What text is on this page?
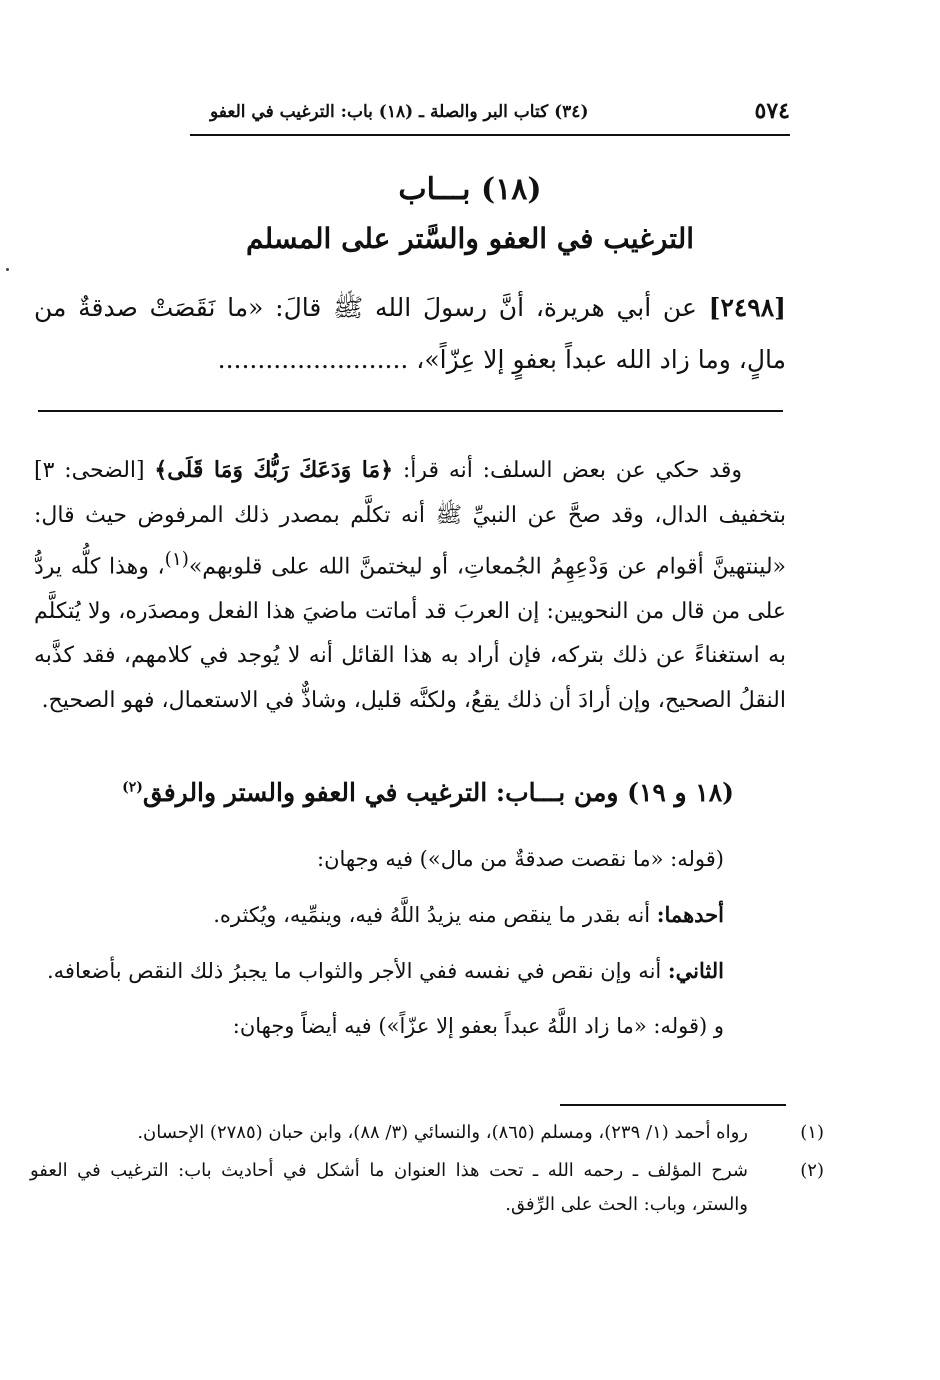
٥٧٤
(٣٤) كتاب البر والصلة ـ (١٨) باب: الترغيب في العفو
(١٨) بـــاب
الترغيب في العفو والسَّتر على المسلم
[٢٤٩٨] عن أبي هريرة، أنَّ رسولَ الله ﷺ قالَ: «ما نَقَصَتْ صدقةٌ من مالٍ، وما زاد الله عبداً بعفوٍ إلا عِزّاً»، ........................

وقد حكي عن بعض السلف: أنه قرأ: ﴿مَا وَدَعَكَ رَبُّكَ وَمَا قَلَى﴾ [الضحى: ٣] بتخفيف الدال، وقد صحَّ عن النبيِّ ﷺ أنه تكلَّم بمصدر ذلك المرفوض حيث قال: «لينتهينَّ أقوام عن وَدْعِهِمُ الجُمعاتِ، أو ليختمنَّ الله على قلوبهم»$^{(١)}$، وهذا كلُّه يردُّ على من قال من النحويين: إن العربَ قد أماتت ماضيَ هذا الفعل ومصدَره، ولا يُتكلَّم به استغناءً عن ذلك بتركه، فإن أراد به هذا القائل أنه لا يُوجد في كلامهم، فقد كذَّبه النقلُ الصحيح، وإن أرادَ أن ذلك يقعُ، ولكنَّه قليل، وشاذٌّ في الاستعمال، فهو الصحيح.

(١٨ و ١٩) ومن بـــاب: الترغيب في العفو والستر والرفق$^{(٢)}$

(قوله: «ما نقصت صدقةٌ من مال») فيه وجهان:

أحدهما: أنه بقدر ما ينقص منه يزيدُ اللَّهُ فيه، وينمِّيه، ويُكثره.

الثاني: أنه وإن نقص في نفسه ففي الأجر والثواب ما يجبرُ ذلك النقص بأضعافه.

و (قوله: «ما زاد اللَّهُ عبداً بعفو إلا عزّاً») فيه أيضاً وجهان:

(١)رواه أحمد (١/ ٢٣٩)، ومسلم (٨٦٥)، والنسائي (٣/ ٨٨)، وابن حبان (٢٧٨٥) الإحسان.

(٢)شرح المؤلف ـ رحمه الله ـ تحت هذا العنوان ما أشكل في أحاديث باب: الترغيب في العفو والستر، وباب: الحث على الرِّفق.
